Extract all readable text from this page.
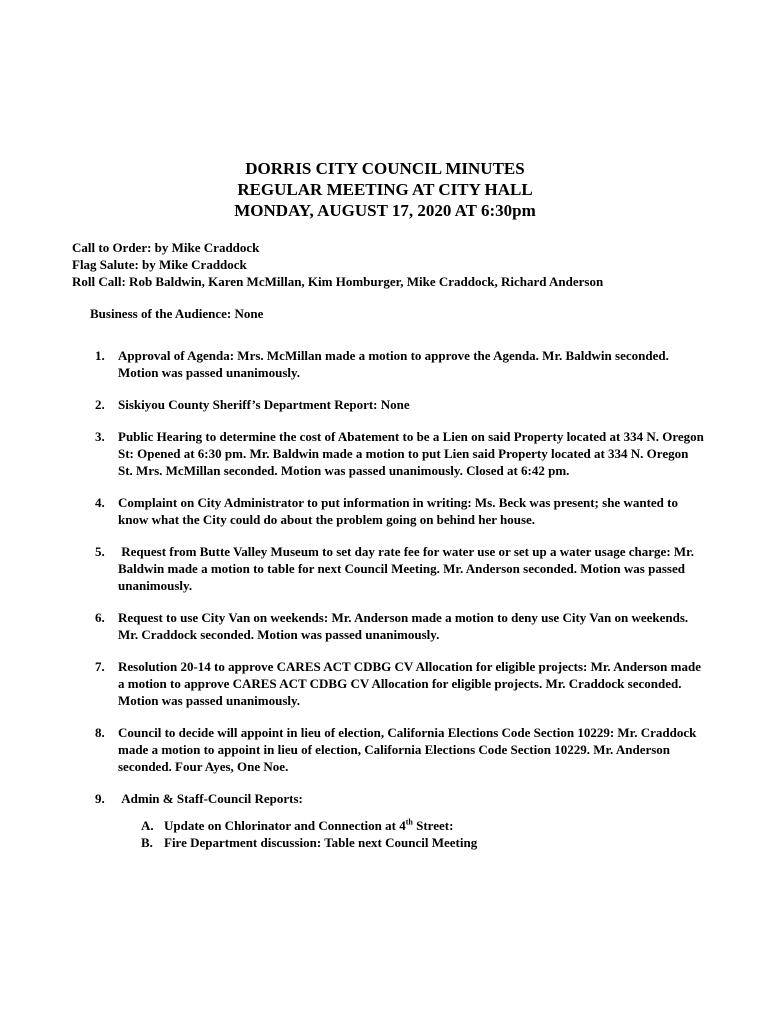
DORRIS CITY COUNCIL MINUTES
REGULAR MEETING AT CITY HALL
MONDAY, AUGUST 17, 2020 AT 6:30pm
Call to Order: by Mike Craddock
Flag Salute: by Mike Craddock
Roll Call: Rob Baldwin, Karen McMillan, Kim Homburger, Mike Craddock, Richard Anderson
Business of the Audience: None
1. Approval of Agenda: Mrs. McMillan made a motion to approve the Agenda. Mr. Baldwin seconded. Motion was passed unanimously.
2. Siskiyou County Sheriff’s Department Report: None
3. Public Hearing to determine the cost of Abatement to be a Lien on said Property located at 334 N. Oregon St: Opened at 6:30 pm. Mr. Baldwin made a motion to put Lien said Property located at 334 N. Oregon St. Mrs. McMillan seconded. Motion was passed unanimously. Closed at 6:42 pm.
4. Complaint on City Administrator to put information in writing: Ms. Beck was present; she wanted to know what the City could do about the problem going on behind her house.
5. Request from Butte Valley Museum to set day rate fee for water use or set up a water usage charge: Mr. Baldwin made a motion to table for next Council Meeting. Mr. Anderson seconded. Motion was passed unanimously.
6. Request to use City Van on weekends: Mr. Anderson made a motion to deny use City Van on weekends. Mr. Craddock seconded. Motion was passed unanimously.
7. Resolution 20-14 to approve CARES ACT CDBG CV Allocation for eligible projects: Mr. Anderson made a motion to approve CARES ACT CDBG CV Allocation for eligible projects. Mr. Craddock seconded. Motion was passed unanimously.
8. Council to decide will appoint in lieu of election, California Elections Code Section 10229: Mr. Craddock made a motion to appoint in lieu of election, California Elections Code Section 10229. Mr. Anderson seconded. Four Ayes, One Noe.
9. Admin & Staff-Council Reports:
A. Update on Chlorinator and Connection at 4th Street:
B. Fire Department discussion: Table next Council Meeting
